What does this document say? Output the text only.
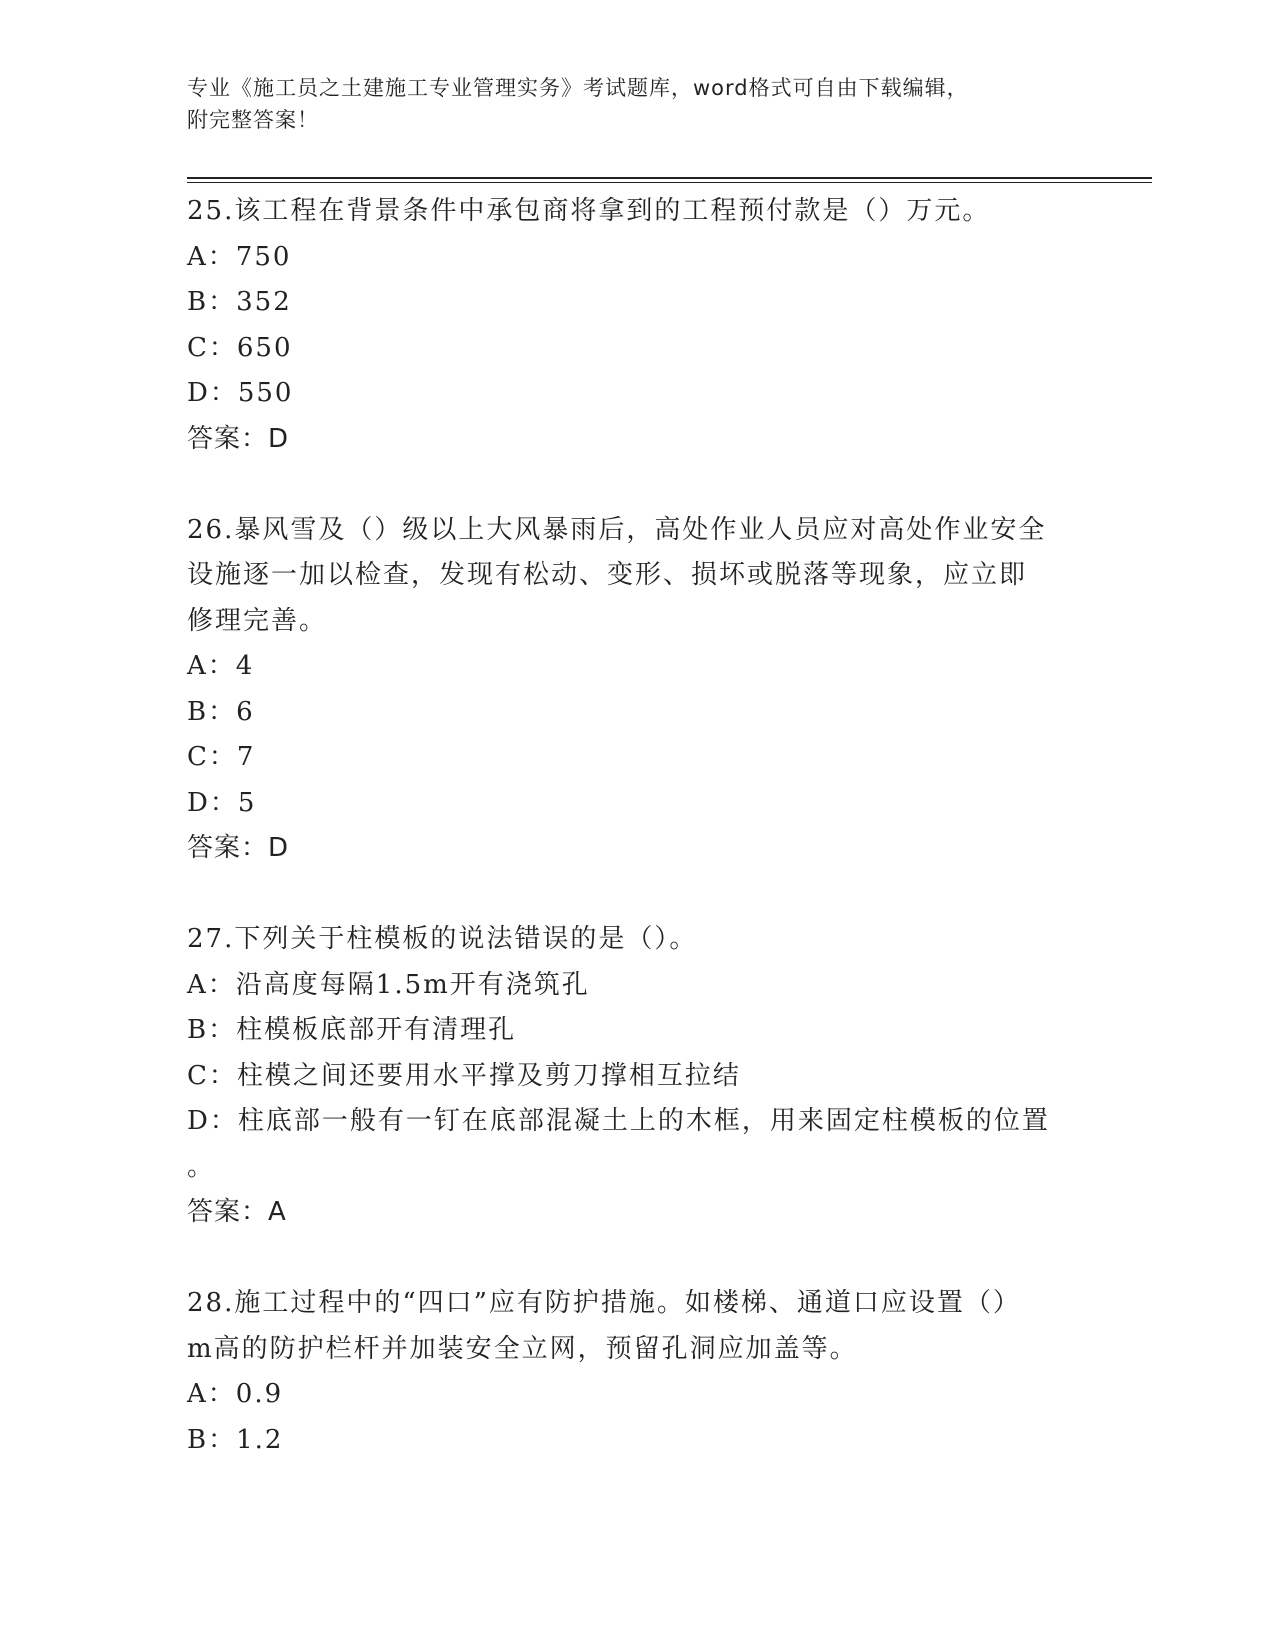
专业《施工员之土建施工专业管理实务》考试题库，word格式可自由下载编辑，
附完整答案！
25.该工程在背景条件中承包商将拿到的工程预付款是（）万元。
A：750
B：352
C：650
D：550
答案：D
26.暴风雪及（）级以上大风暴雨后，高处作业人员应对高处作业安全
设施逐一加以检查，发现有松动、变形、损坏或脱落等现象，应立即
修理完善。
A：4
B：6
C：7
D：5
答案：D
27.下列关于柱模板的说法错误的是（）。
A：沿高度每隔1.5m开有浇筑孔
B：柱模板底部开有清理孔
C：柱模之间还要用水平撑及剪刀撑相互拉结
D：柱底部一般有一钉在底部混凝土上的木框，用来固定柱模板的位置
。
答案：A
28.施工过程中的“四口”应有防护措施。如楼梯、通道口应设置（）
m高的防护栏杆并加装安全立网，预留孔洞应加盖等。
A：0.9
B：1.2
